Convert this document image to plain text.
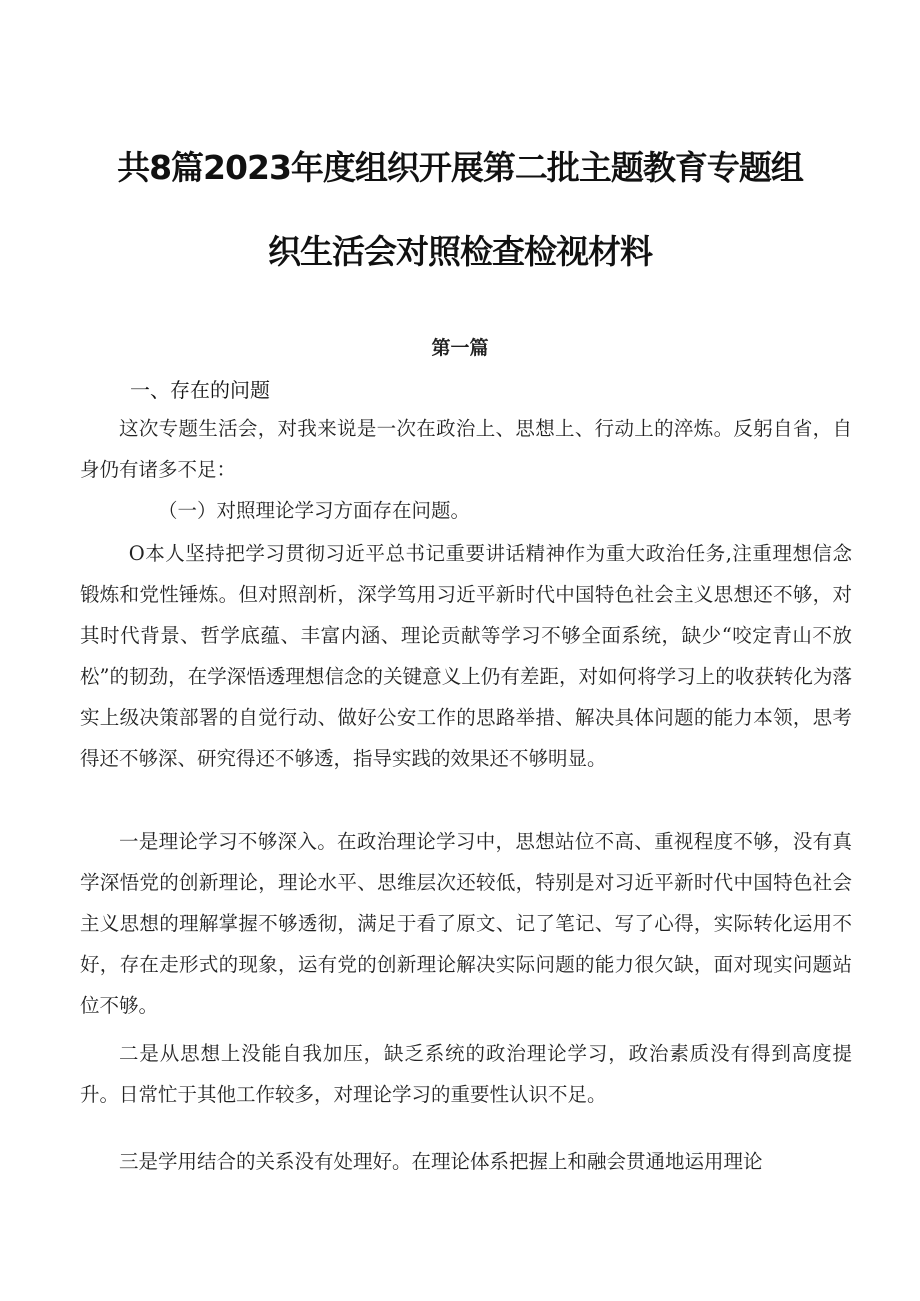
共8篇2023年度组织开展第二批主题教育专题组
织生活会对照检查检视材料
第一篇
一、存在的问题

这次专题生活会，对我来说是一次在政治上、思想上、行动上的淬炼。反躬自省，自身仍有诸多不足：

（一）对照理论学习方面存在问题。

O本人坚持把学习贯彻习近平总书记重要讲话精神作为重大政治任务,注重理想信念锻炼和党性锤炼。但对照剖析，深学笃用习近平新时代中国特色社会主义思想还不够，对其时代背景、哲学底蕴、丰富内涵、理论贡献等学习不够全面系统，缺少“咬定青山不放松”的韧劲，在学深悟透理想信念的关键意义上仍有差距，对如何将学习上的收获转化为落实上级决策部署的自觉行动、做好公安工作的思路举措、解决具体问题的能力本领，思考得还不够深、研究得还不够透，指导实践的效果还不够明显。

一是理论学习不够深入。在政治理论学习中，思想站位不高、重视程度不够，没有真学深悟党的创新理论，理论水平、思维层次还较低，特别是对习近平新时代中国特色社会主义思想的理解掌握不够透彻，满足于看了原文、记了笔记、写了心得，实际转化运用不好，存在走形式的现象，运有党的创新理论解决实际问题的能力很欠缺，面对现实问题站位不够。

二是从思想上没能自我加压，缺乏系统的政治理论学习，政治素质没有得到高度提升。日常忙于其他工作较多，对理论学习的重要性认识不足。

三是学用结合的关系没有处理好。在理论体系把握上和融会贯通地运用理论
